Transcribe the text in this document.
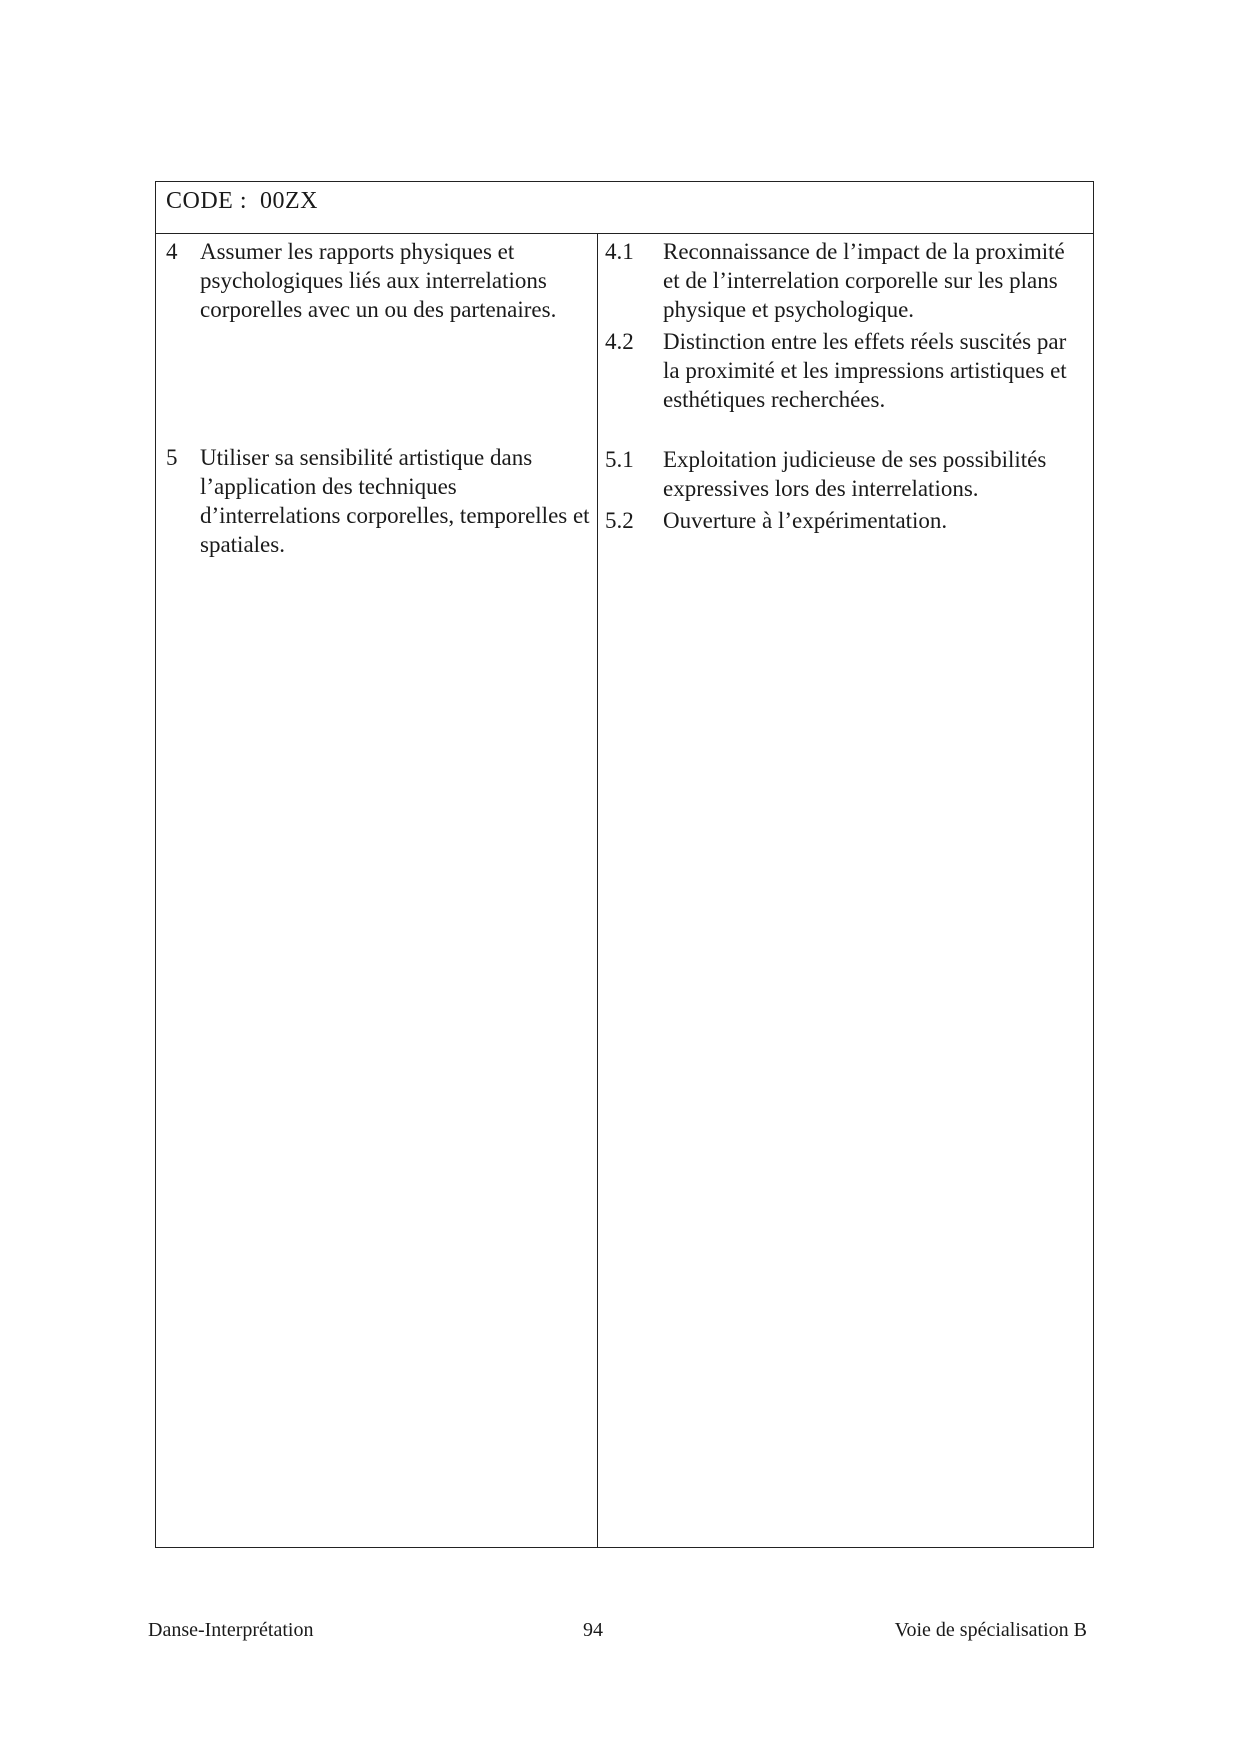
CODE : 00ZX
4 Assumer les rapports physiques et psychologiques liés aux interrelations corporelles avec un ou des partenaires.
5 Utiliser sa sensibilité artistique dans l’application des techniques d’interrelations corporelles, temporelles et spatiales.
4.1	Reconnaissance de l’impact de la proximité et de l’interrelation corporelle sur les plans physique et psychologique.
4.2	Distinction entre les effets réels suscités par la proximité et les impressions artistiques et esthétiques recherchées.
5.1	Exploitation judicieuse de ses possibilités expressives lors des interrelations.
5.2	Ouverture à l’expérimentation.
Danse-Interprétation	94	Voie de spécialisation B
